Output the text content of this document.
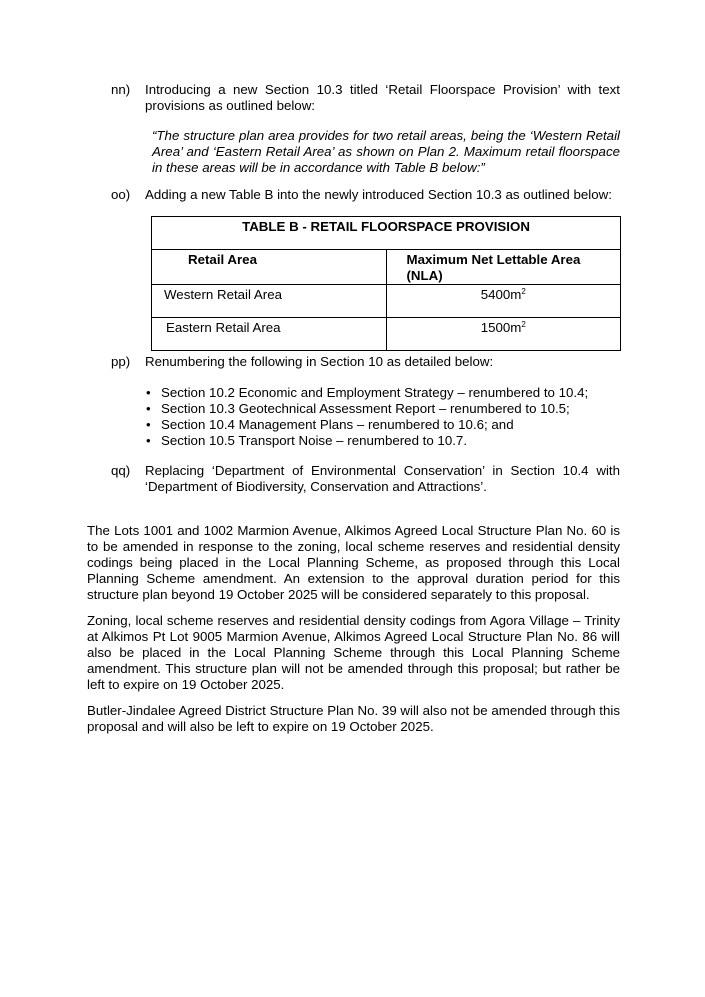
nn) Introducing a new Section 10.3 titled ‘Retail Floorspace Provision’ with text provisions as outlined below:
“The structure plan area provides for two retail areas, being the ‘Western Retail Area’ and ‘Eastern Retail Area’ as shown on Plan 2. Maximum retail floorspace in these areas will be in accordance with Table B below:”
oo) Adding a new Table B into the newly introduced Section 10.3 as outlined below:
TABLE B - RETAIL FLOORSPACE PROVISION	
Retail Area	Maximum Net Lettable Area (NLA)
Western Retail Area	$5400m^2$
Eastern Retail Area	$1500m^2$
pp) Renumbering the following in Section 10 as detailed below:
• Section 10.2 Economic and Employment Strategy – renumbered to 10.4;
• Section 10.3 Geotechnical Assessment Report – renumbered to 10.5;
• Section 10.4 Management Plans – renumbered to 10.6; and
• Section 10.5 Transport Noise – renumbered to 10.7.
qq) Replacing ‘Department of Environmental Conservation’ in Section 10.4 with ‘Department of Biodiversity, Conservation and Attractions’.
The Lots 1001 and 1002 Marmion Avenue, Alkimos Agreed Local Structure Plan No. 60 is to be amended in response to the zoning, local scheme reserves and residential density codings being placed in the Local Planning Scheme, as proposed through this Local Planning Scheme amendment. An extension to the approval duration period for this structure plan beyond 19 October 2025 will be considered separately to this proposal.
Zoning, local scheme reserves and residential density codings from Agora Village – Trinity at Alkimos Pt Lot 9005 Marmion Avenue, Alkimos Agreed Local Structure Plan No. 86 will also be placed in the Local Planning Scheme through this Local Planning Scheme amendment. This structure plan will not be amended through this proposal; but rather be left to expire on 19 October 2025.
Butler-Jindalee Agreed District Structure Plan No. 39 will also not be amended through this proposal and will also be left to expire on 19 October 2025.
